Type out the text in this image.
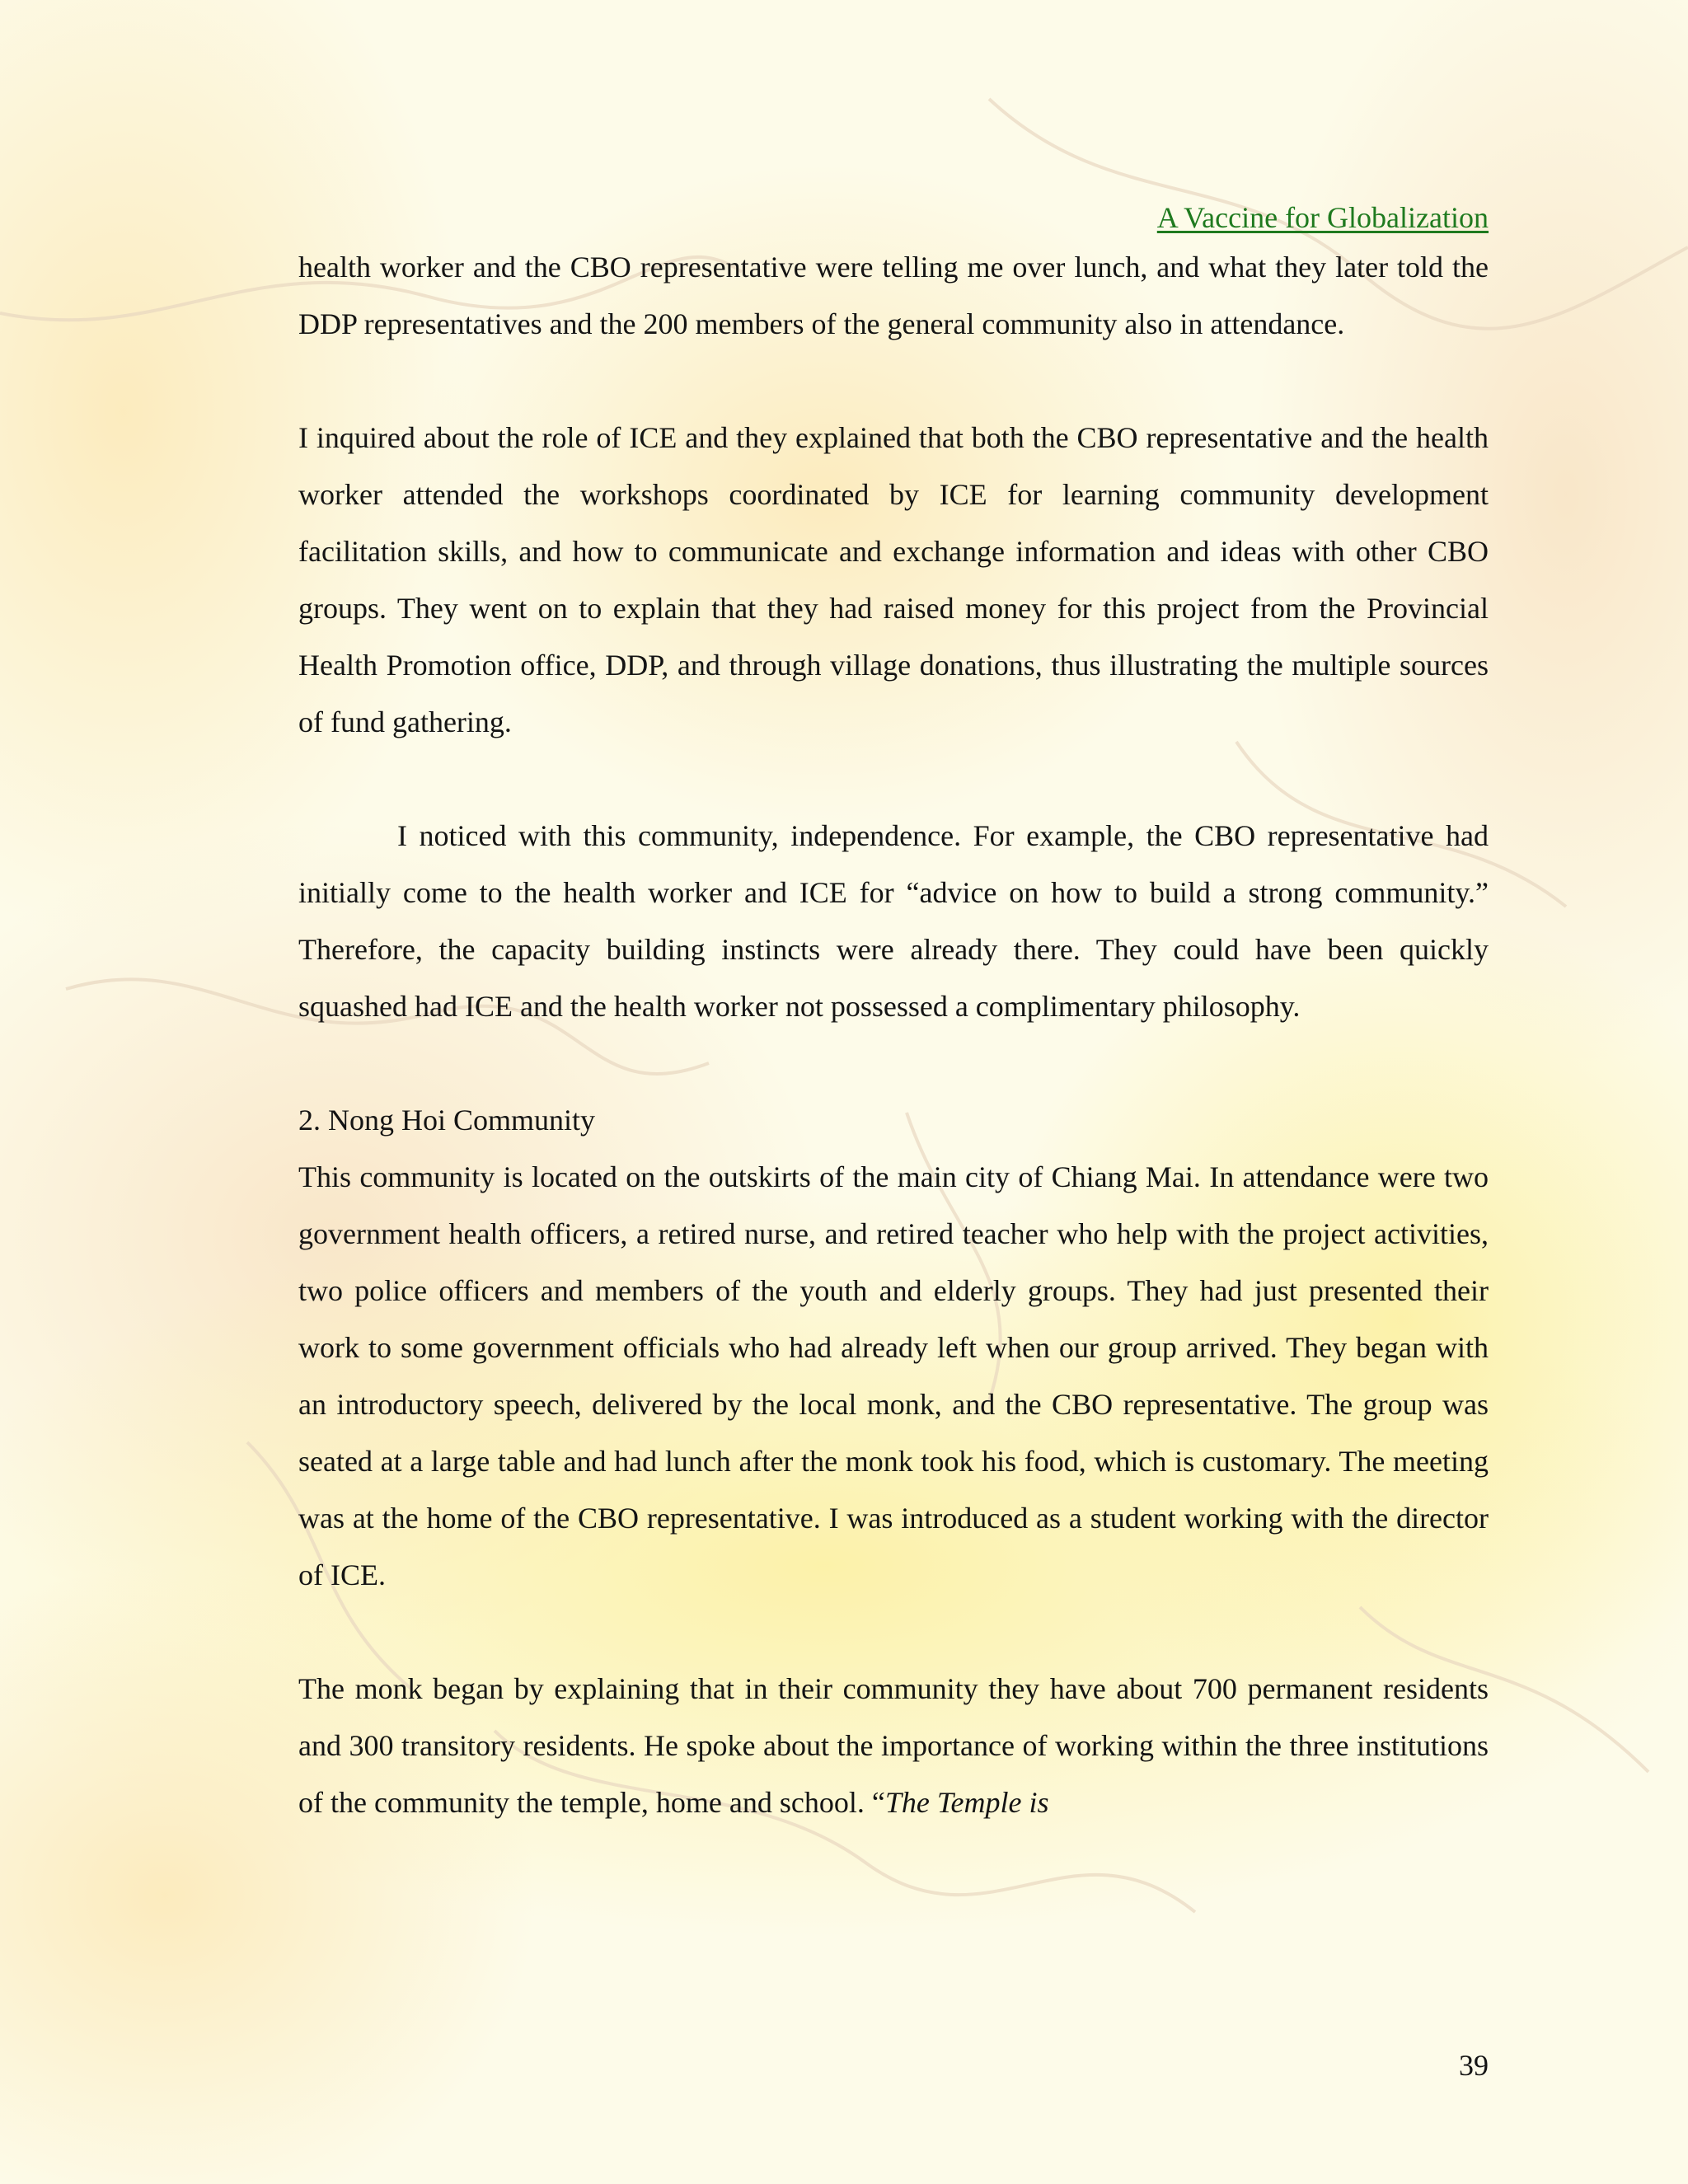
A Vaccine for Globalization

health worker and the CBO representative were telling me over lunch, and what they later told the DDP representatives and the 200 members of the general community also in attendance.

I inquired about the role of ICE and they explained that both the CBO representative and the health worker attended the workshops coordinated by ICE for learning community development facilitation skills, and how to communicate and exchange information and ideas with other CBO groups. They went on to explain that they had raised money for this project from the Provincial Health Promotion office, DDP, and through village donations, thus illustrating the multiple sources of fund gathering.

I noticed with this community, independence. For example, the CBO representative had initially come to the health worker and ICE for “advice on how to build a strong community.” Therefore, the capacity building instincts were already there. They could have been quickly squashed had ICE and the health worker not possessed a complimentary philosophy.

2. Nong Hoi Community

This community is located on the outskirts of the main city of Chiang Mai. In attendance were two government health officers, a retired nurse, and retired teacher who help with the project activities, two police officers and members of the youth and elderly groups. They had just presented their work to some government officials who had already left when our group arrived. They began with an introductory speech, delivered by the local monk, and the CBO representative. The group was seated at a large table and had lunch after the monk took his food, which is customary. The meeting was at the home of the CBO representative. I was introduced as a student working with the director of ICE.

The monk began by explaining that in their community they have about 700 permanent residents and 300 transitory residents. He spoke about the importance of working within the three institutions of the community the temple, home and school. “The Temple is

39
